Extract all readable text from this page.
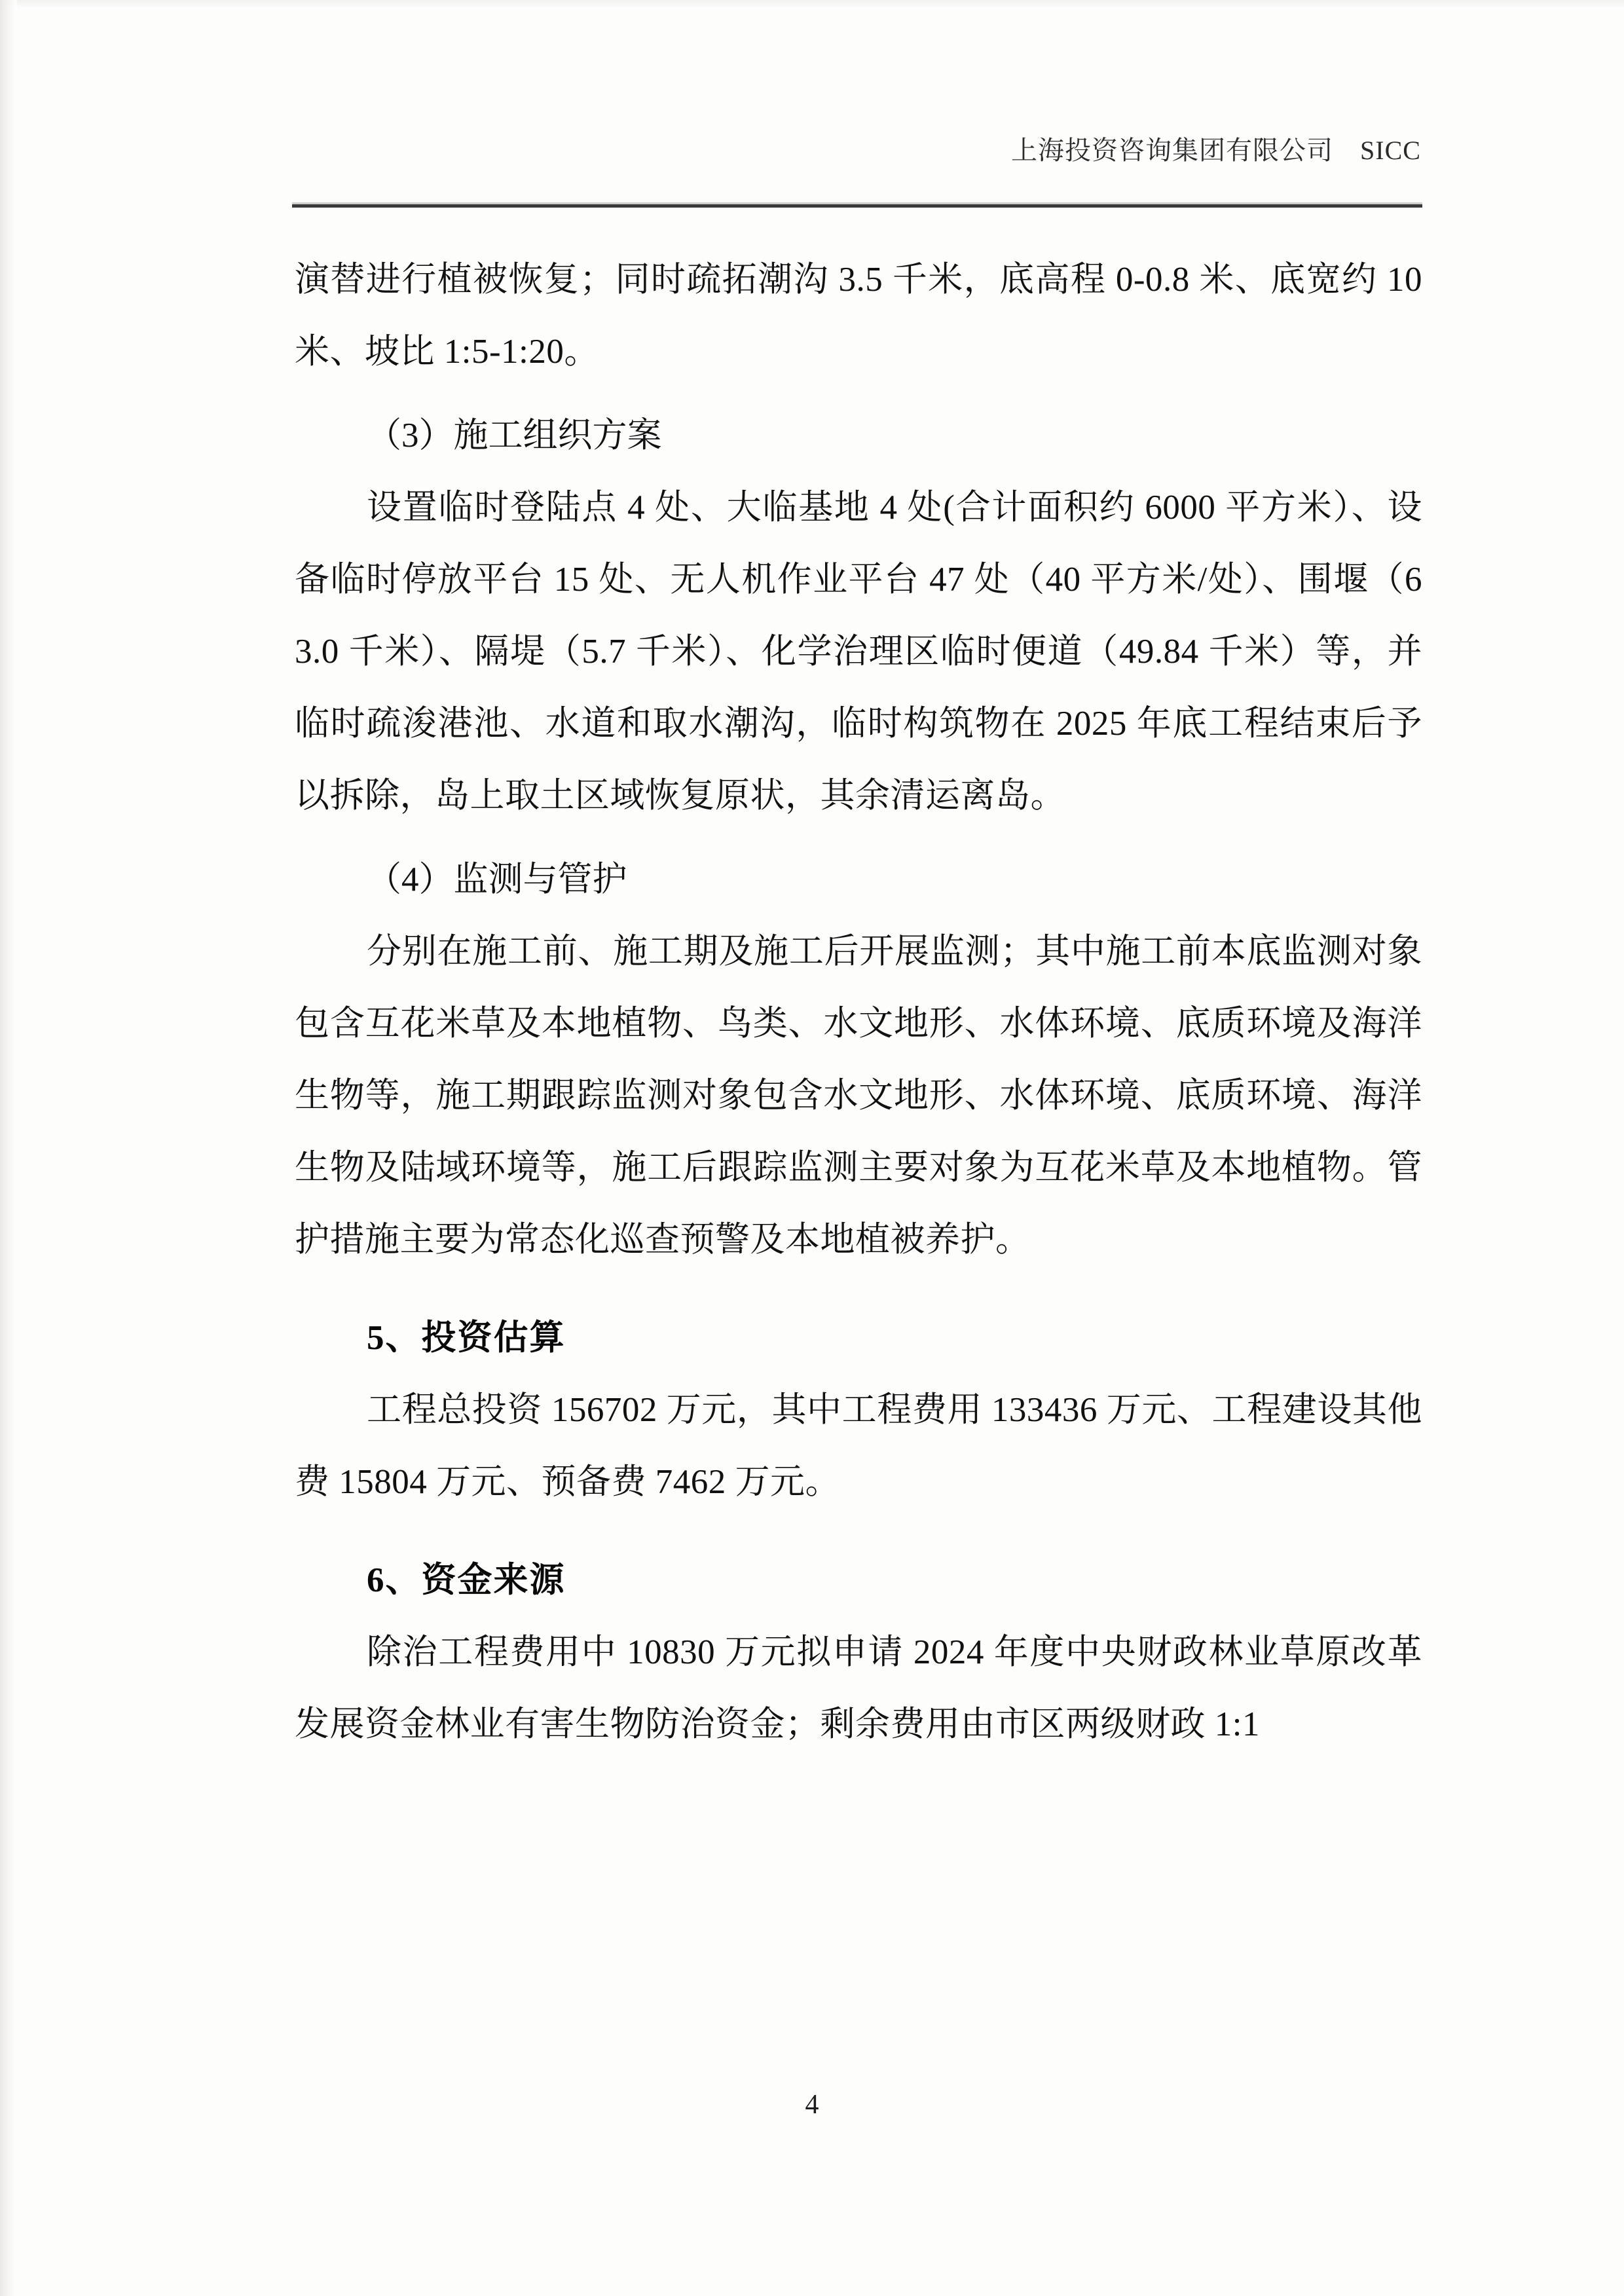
上海投资咨询集团有限公司　SICC

演替进行植被恢复；同时疏拓潮沟 3.5 千米，底高程 0-0.8 米、底宽约 10 米、坡比 1:5-1:20。

（3）施工组织方案

设置临时登陆点 4 处、大临基地 4 处(合计面积约 6000 平方米）、设备临时停放平台 15 处、无人机作业平台 47 处（40 平方米/处）、围堰（63.0 千米）、隔堤（5.7 千米）、化学治理区临时便道（49.84 千米）等，并临时疏浚港池、水道和取水潮沟，临时构筑物在 2025 年底工程结束后予以拆除，岛上取土区域恢复原状，其余清运离岛。

（4）监测与管护

分别在施工前、施工期及施工后开展监测；其中施工前本底监测对象包含互花米草及本地植物、鸟类、水文地形、水体环境、底质环境及海洋生物等，施工期跟踪监测对象包含水文地形、水体环境、底质环境、海洋生物及陆域环境等，施工后跟踪监测主要对象为互花米草及本地植物。管护措施主要为常态化巡查预警及本地植被养护。

5、投资估算

工程总投资 156702 万元，其中工程费用 133436 万元、工程建设其他费 15804 万元、预备费 7462 万元。

6、资金来源

除治工程费用中 10830 万元拟申请 2024 年度中央财政林业草原改革发展资金林业有害生物防治资金；剩余费用由市区两级财政 1:1

4
